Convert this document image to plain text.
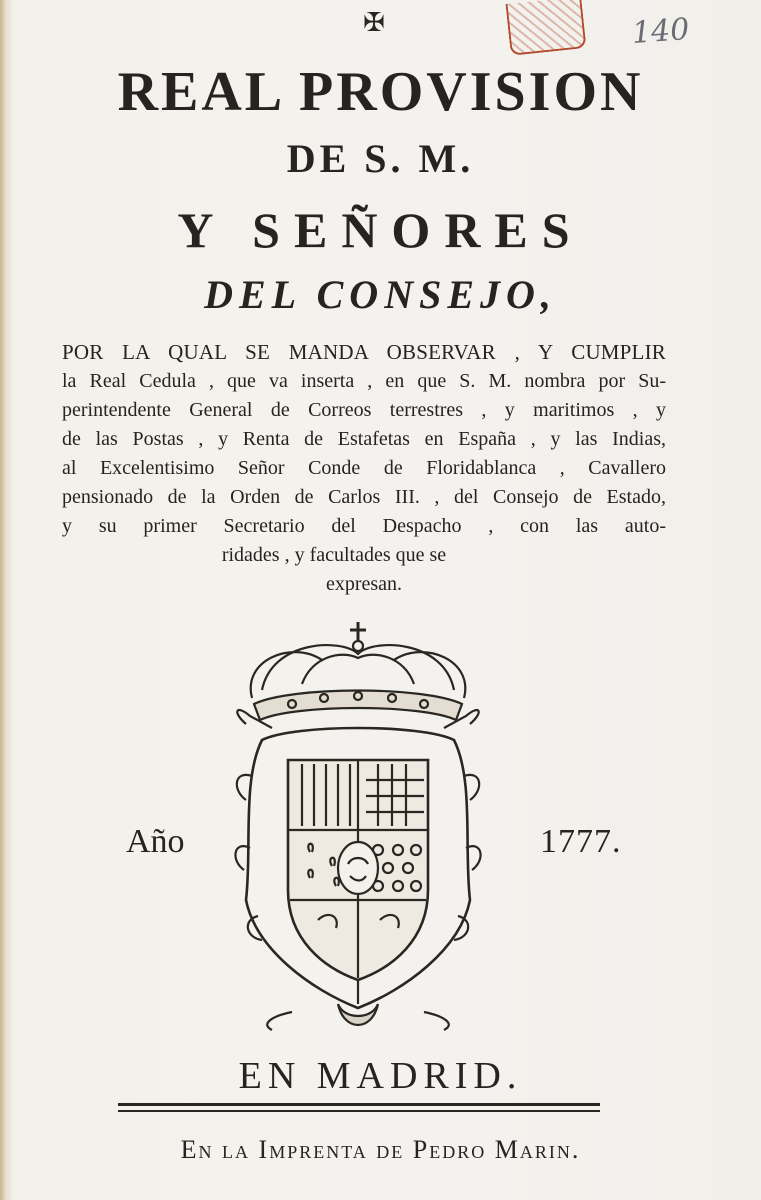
✠	140
REAL PROVISION
DE S. M.
Y SEÑORES
DEL CONSEJO,
POR LA QUAL SE MANDA OBSERVAR , Y CUMPLIR
la Real Cedula , que va inserta , en que S. M. nombra por Su-
perintendente General de Correos terrestres , y maritimos , y
de las Postas , y Renta de Estafetas en España , y las Indias,
al Excelentisimo Señor Conde de Floridablanca , Cavallero
pensionado de la Orden de Carlos III. , del Consejo de Estado,
y su primer Secretario del Despacho , con las auto-
ridades , y facultades que se
expresan.
Año	1777.
EN MADRID.
En la Imprenta de Pedro Marin.
